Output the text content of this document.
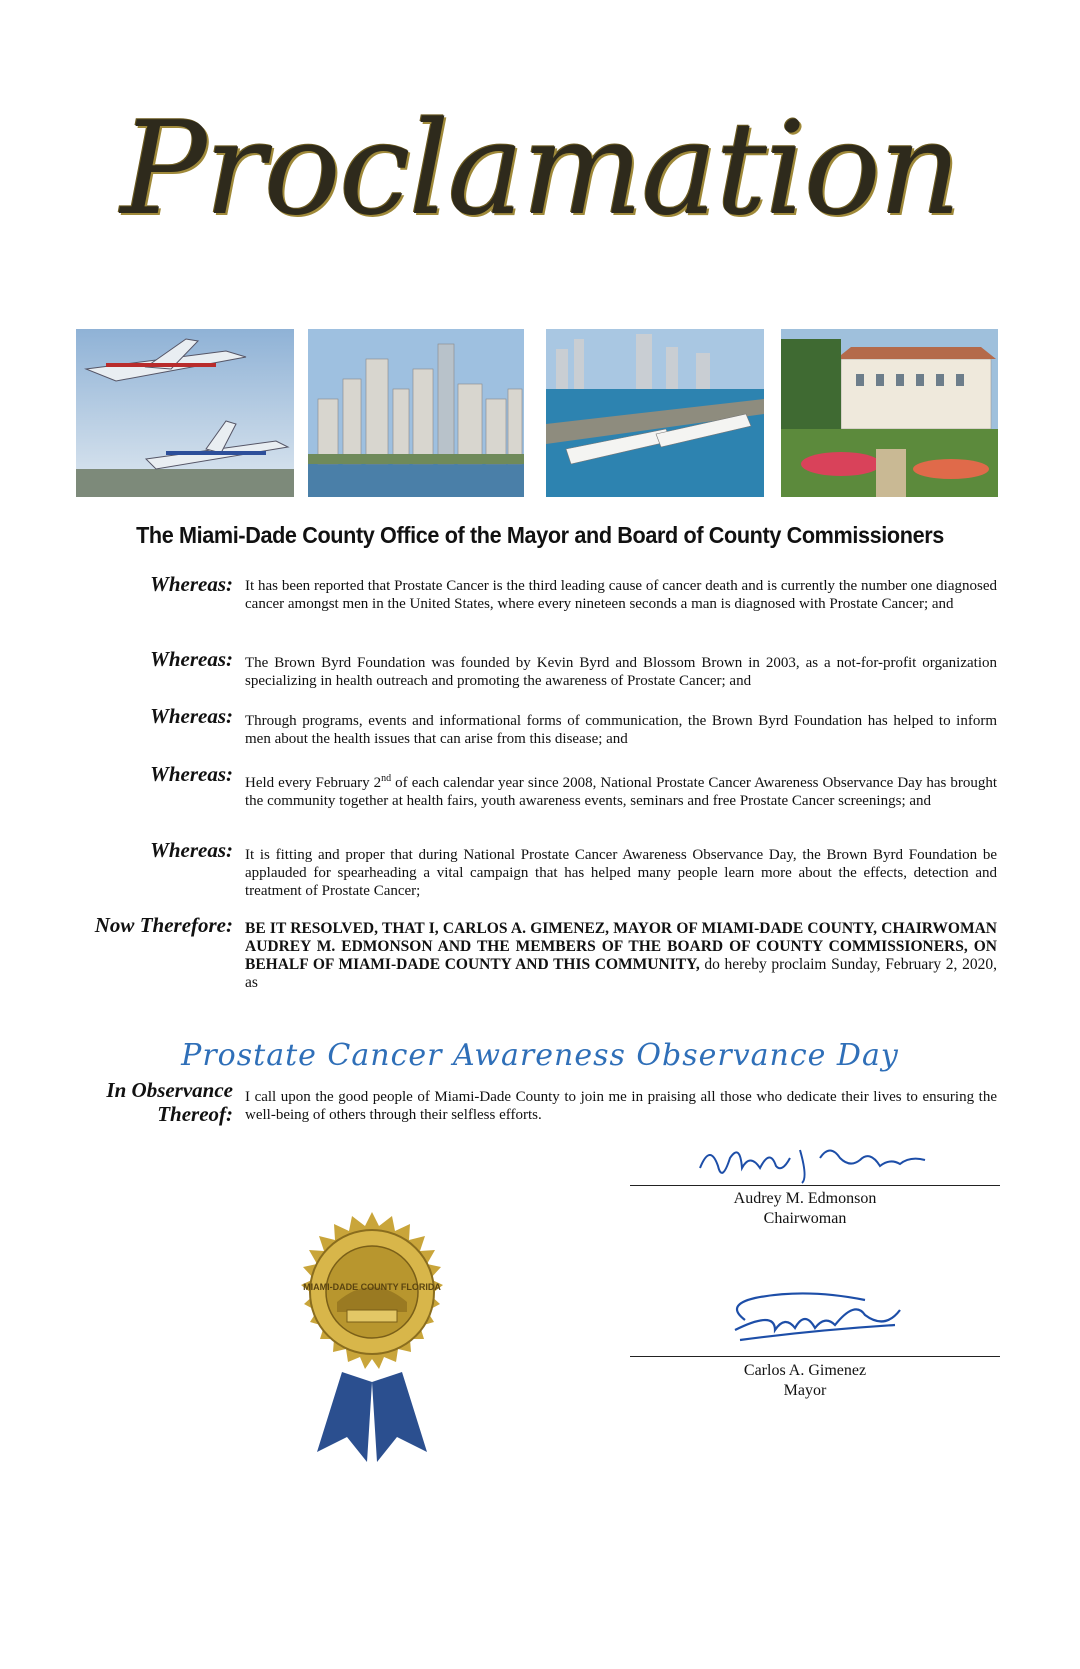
Proclamation
The Miami-Dade County Office of the Mayor and Board of County Commissioners
Whereas: It has been reported that Prostate Cancer is the third leading cause of cancer death and is currently the number one diagnosed cancer amongst men in the United States, where every nineteen seconds a man is diagnosed with Prostate Cancer; and
Whereas: The Brown Byrd Foundation was founded by Kevin Byrd and Blossom Brown in 2003, as a not-for-profit organization specializing in health outreach and promoting the awareness of Prostate Cancer; and
Whereas: Through programs, events and informational forms of communication, the Brown Byrd Foundation has helped to inform men about the health issues that can arise from this disease; and
Whereas: Held every February 2nd of each calendar year since 2008, National Prostate Cancer Awareness Observance Day has brought the community together at health fairs, youth awareness events, seminars and free Prostate Cancer screenings; and
Whereas: It is fitting and proper that during National Prostate Cancer Awareness Observance Day, the Brown Byrd Foundation be applauded for spearheading a vital campaign that has helped many people learn more about the effects, detection and treatment of Prostate Cancer;
Now Therefore: BE IT RESOLVED, THAT I, CARLOS A. GIMENEZ, MAYOR OF MIAMI-DADE COUNTY, CHAIRWOMAN AUDREY M. EDMONSON AND THE MEMBERS OF THE BOARD OF COUNTY COMMISSIONERS, ON BEHALF OF MIAMI-DADE COUNTY AND THIS COMMUNITY, do hereby proclaim Sunday, February 2, 2020, as
Prostate Cancer Awareness Observance Day
In Observance
Thereof:
I call upon the good people of Miami-Dade County to join me in praising all those who dedicate their lives to ensuring the well-being of others through their selfless efforts.
MIAMI-DADE COUNTY FLORIDA
Audrey M. Edmonson
Chairwoman
Carlos A. Gimenez
Mayor
